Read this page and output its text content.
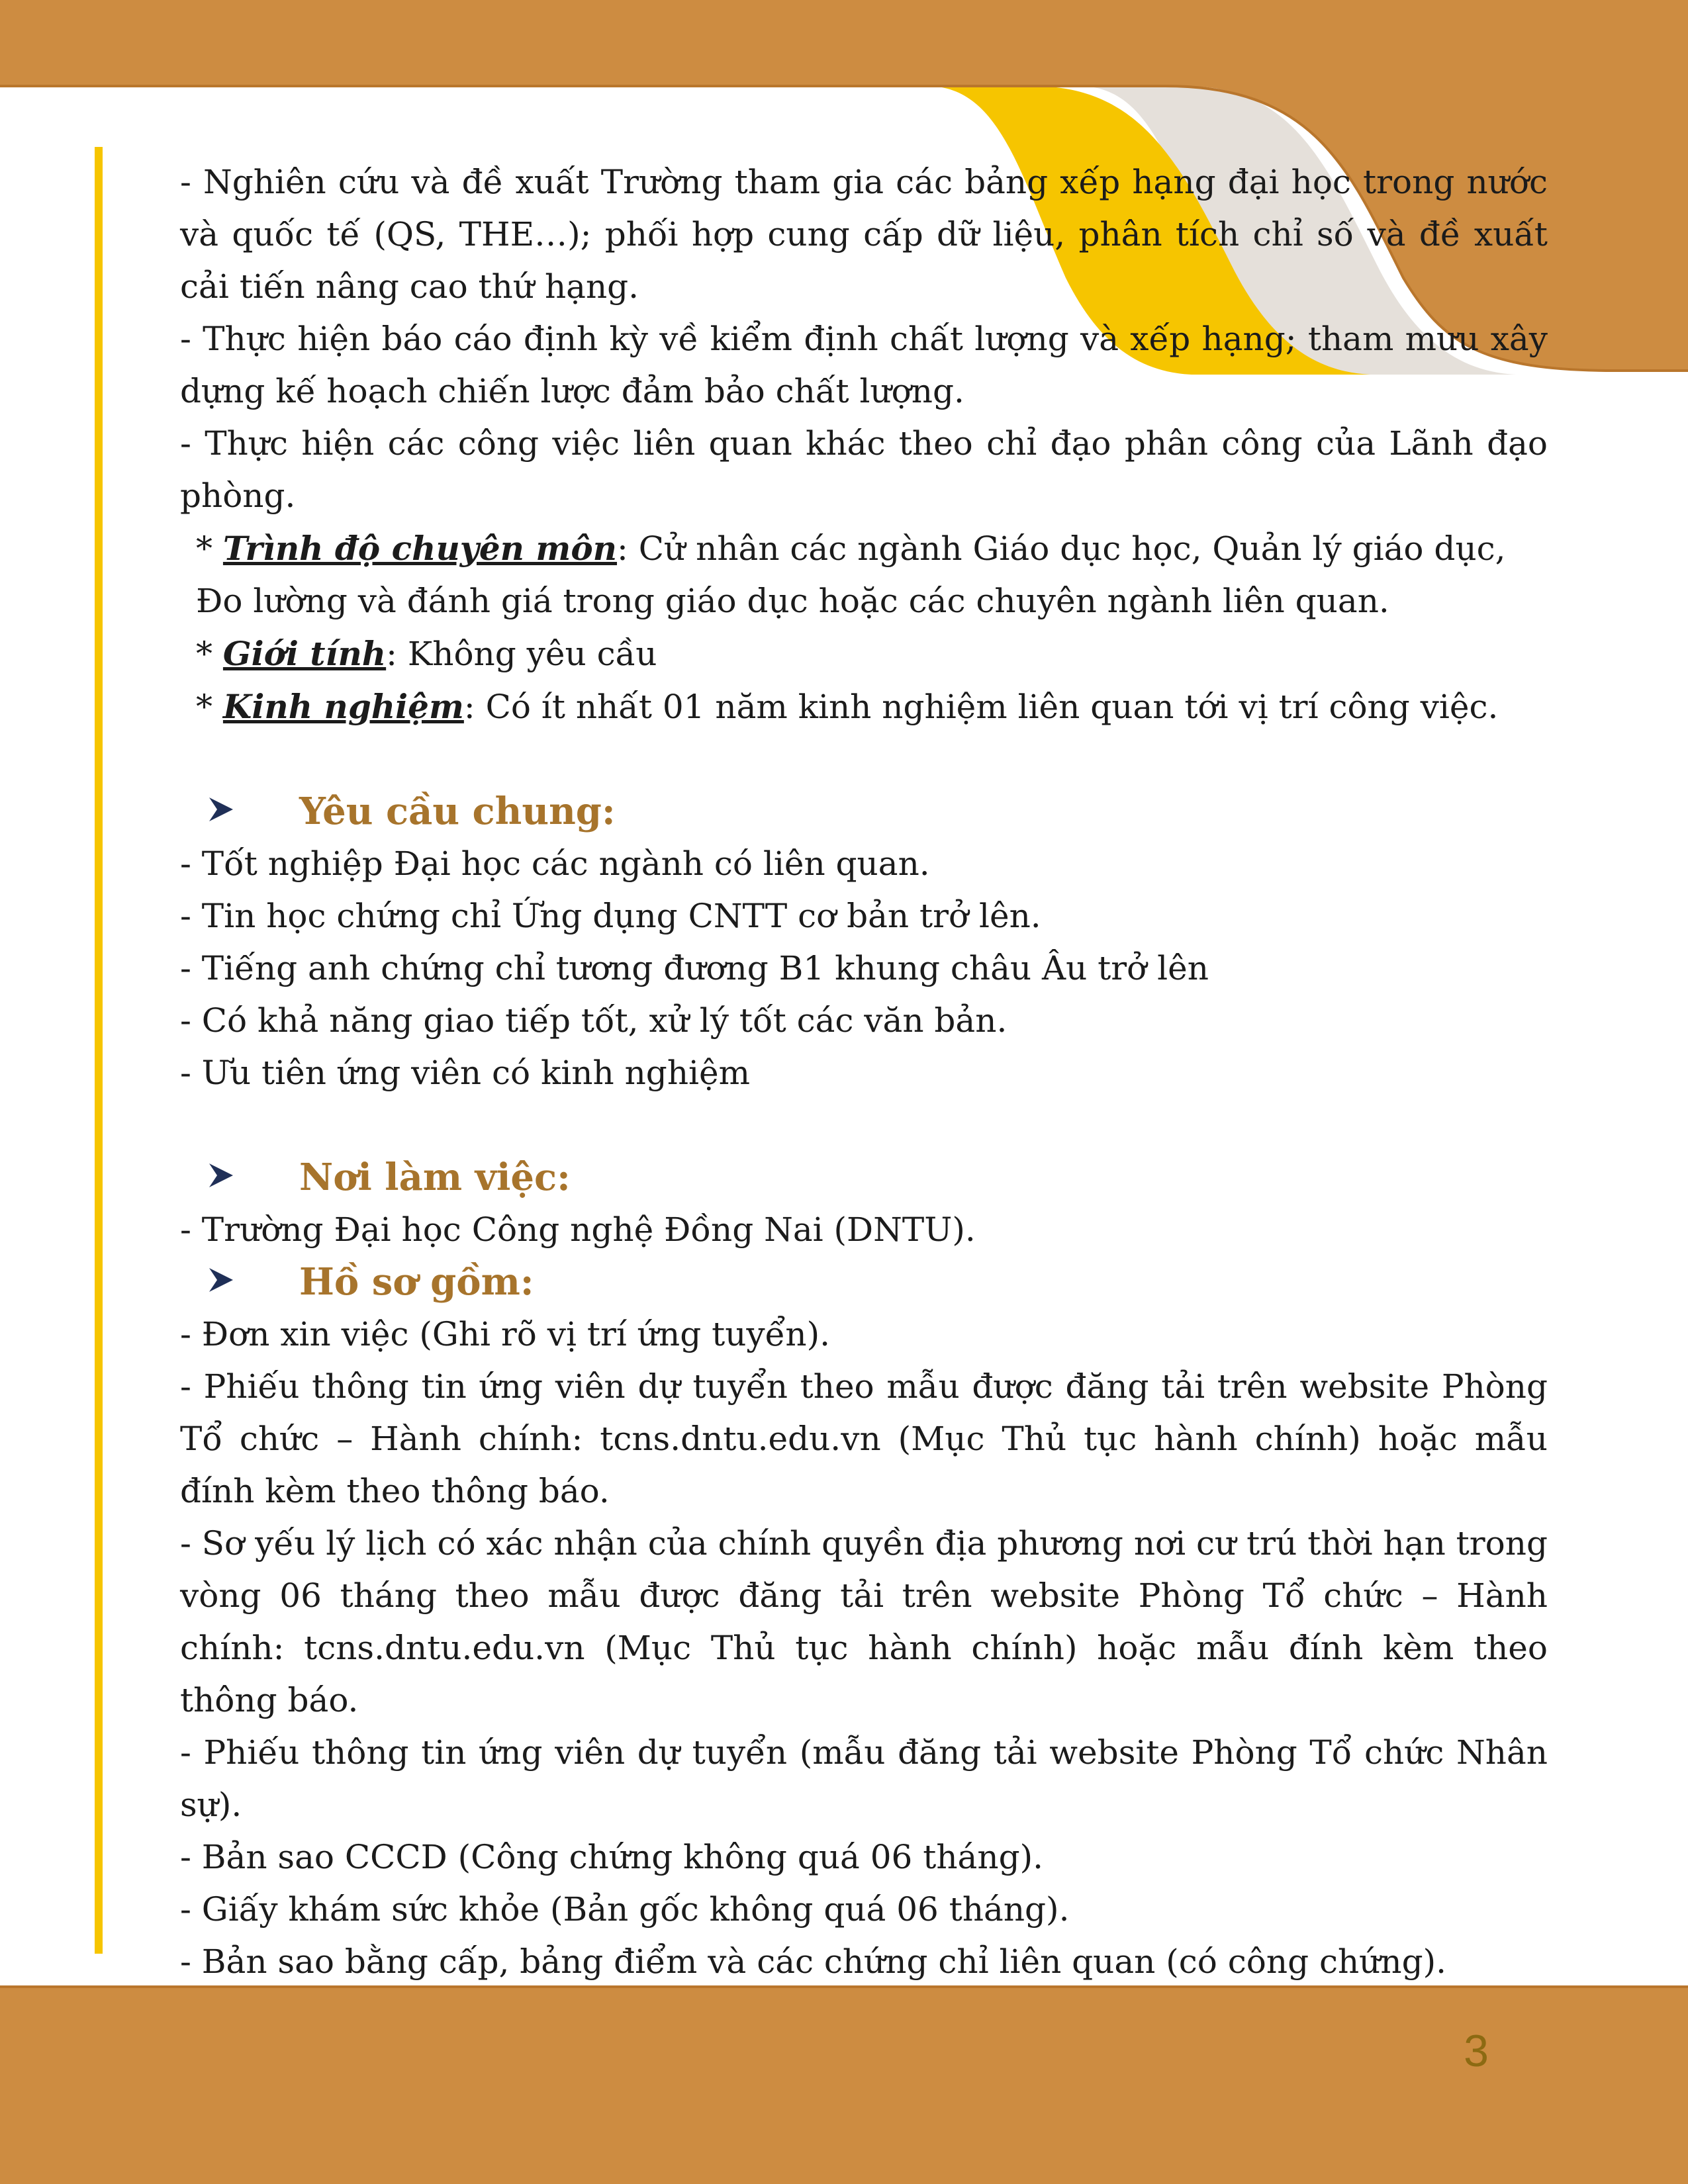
- Nghiên cứu và đề xuất Trường tham gia các bảng xếp hạng đại học trong nước và quốc tế (QS, THE…); phối hợp cung cấp dữ liệu, phân tích chỉ số và đề xuất cải tiến nâng cao thứ hạng.

- Thực hiện báo cáo định kỳ về kiểm định chất lượng và xếp hạng; tham mưu xây dựng kế hoạch chiến lược đảm bảo chất lượng.

- Thực hiện các công việc liên quan khác theo chỉ đạo phân công của Lãnh đạo phòng.

* Trình độ chuyên môn: Cử nhân các ngành Giáo dục học, Quản lý giáo dục, Đo lường và đánh giá trong giáo dục hoặc các chuyên ngành liên quan.

* Giới tính: Không yêu cầu

* Kinh nghiệm: Có ít nhất 01 năm kinh nghiệm liên quan tới vị trí công việc.

Yêu cầu chung:

- Tốt nghiệp Đại học các ngành có liên quan.

- Tin học chứng chỉ Ứng dụng CNTT cơ bản trở lên.

- Tiếng anh chứng chỉ tương đương B1 khung châu Âu trở lên

- Có khả năng giao tiếp tốt, xử lý tốt các văn bản.

- Ưu tiên ứng viên có kinh nghiệm

Nơi làm việc:

- Trường Đại học Công nghệ Đồng Nai (DNTU).

Hồ sơ gồm:

- Đơn xin việc (Ghi rõ vị trí ứng tuyển).

- Phiếu thông tin ứng viên dự tuyển theo mẫu được đăng tải trên website Phòng Tổ chức – Hành chính: tcns.dntu.edu.vn (Mục Thủ tục hành chính) hoặc mẫu đính kèm theo thông báo.

- Sơ yếu lý lịch có xác nhận của chính quyền địa phương nơi cư trú thời hạn trong vòng 06 tháng theo mẫu được đăng tải trên website Phòng Tổ chức – Hành chính: tcns.dntu.edu.vn (Mục Thủ tục hành chính) hoặc mẫu đính kèm theo thông báo.

- Phiếu thông tin ứng viên dự tuyển (mẫu đăng tải website Phòng Tổ chức Nhân sự).

- Bản sao CCCD (Công chứng không quá 06 tháng).

- Giấy khám sức khỏe (Bản gốc không quá 06 tháng).

- Bản sao bằng cấp, bảng điểm và các chứng chỉ liên quan (có công chứng).

3
